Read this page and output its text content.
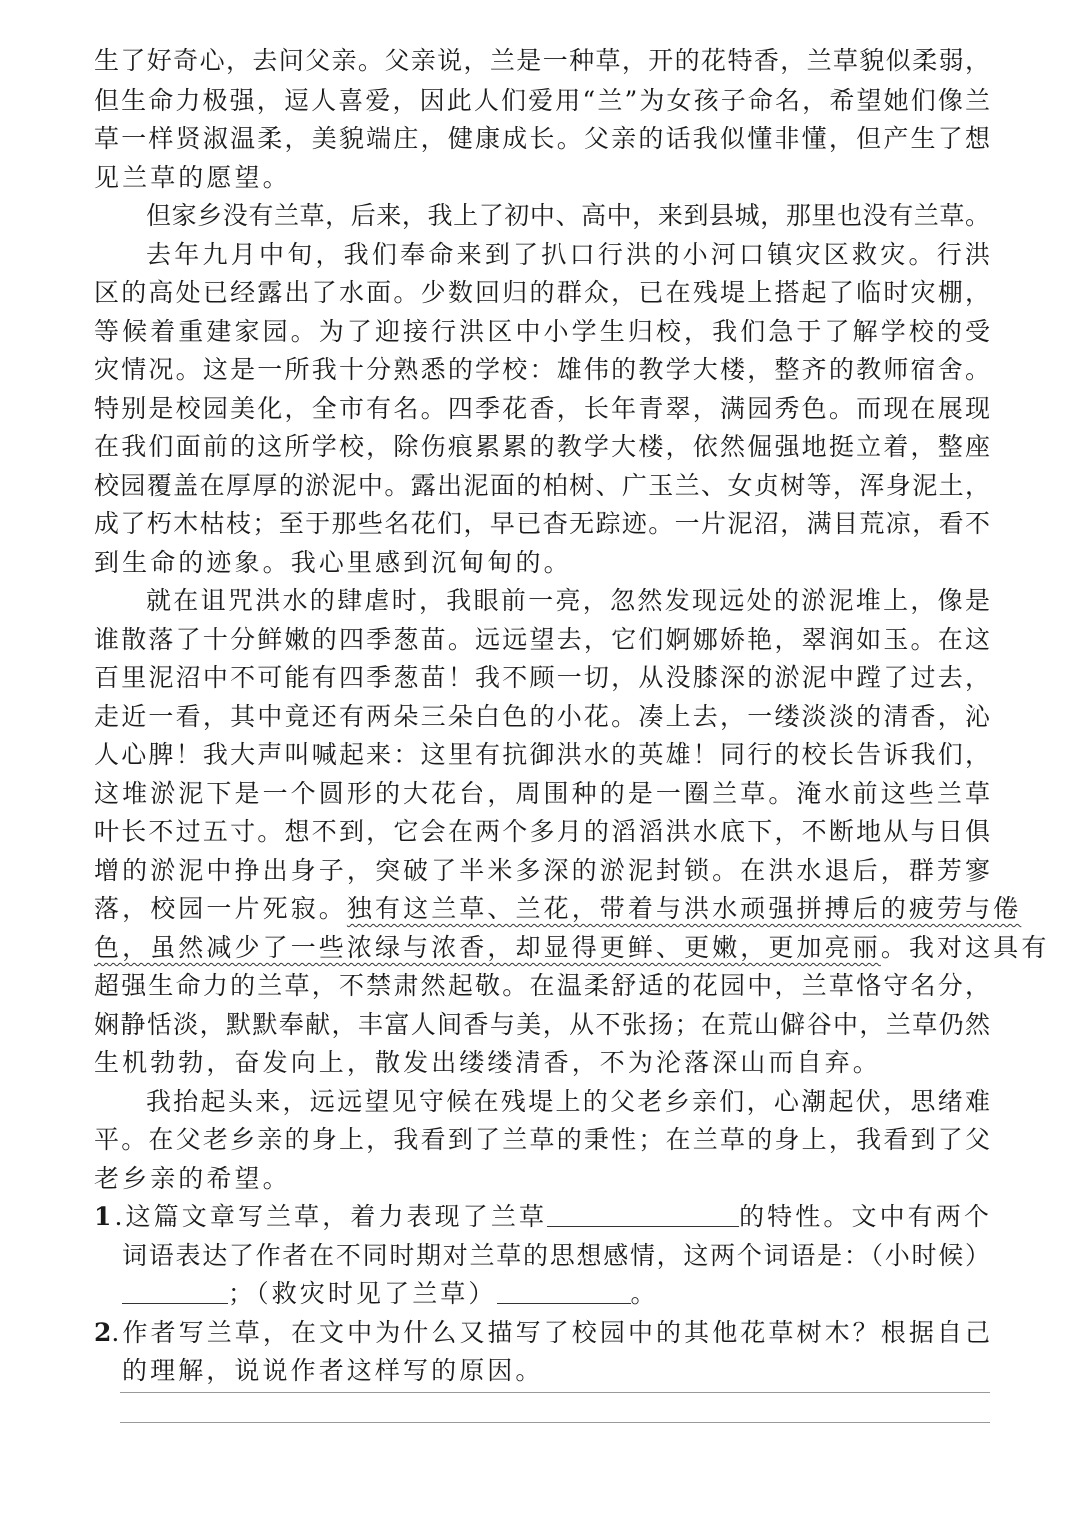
生了好奇心，去问父亲。父亲说，兰是一种草，开的花特香，兰草貌似柔弱，
但生命力极强，逗人喜爱，因此人们爱用“兰”为女孩子命名，希望她们像兰
草一样贤淑温柔，美貌端庄，健康成长。父亲的话我似懂非懂，但产生了想
见兰草的愿望。
但家乡没有兰草，后来，我上了初中、高中，来到县城，那里也没有兰草。
去年九月中旬，我们奉命来到了扒口行洪的小河口镇灾区救灾。行洪
区的高处已经露出了水面。少数回归的群众，已在残堤上搭起了临时灾棚，
等候着重建家园。为了迎接行洪区中小学生归校，我们急于了解学校的受
灾情况。这是一所我十分熟悉的学校：雄伟的教学大楼，整齐的教师宿舍。
特别是校园美化，全市有名。四季花香，长年青翠，满园秀色。而现在展现
在我们面前的这所学校，除伤痕累累的教学大楼，依然倔强地挺立着，整座
校园覆盖在厚厚的淤泥中。露出泥面的柏树、广玉兰、女贞树等，浑身泥土，
成了朽木枯枝；至于那些名花们，早已杳无踪迹。一片泥沼，满目荒凉，看不
到生命的迹象。我心里感到沉甸甸的。
就在诅咒洪水的肆虐时，我眼前一亮，忽然发现远处的淤泥堆上，像是
谁散落了十分鲜嫩的四季葱苗。远远望去，它们婀娜娇艳，翠润如玉。在这
百里泥沼中不可能有四季葱苗！我不顾一切，从没膝深的淤泥中蹚了过去，
走近一看，其中竟还有两朵三朵白色的小花。凑上去，一缕淡淡的清香，沁
人心脾！我大声叫喊起来：这里有抗御洪水的英雄！同行的校长告诉我们，
这堆淤泥下是一个圆形的大花台，周围种的是一圈兰草。淹水前这些兰草
叶长不过五寸。想不到，它会在两个多月的滔滔洪水底下，不断地从与日俱
增的淤泥中挣出身子，突破了半米多深的淤泥封锁。在洪水退后，群芳寥
落，校园一片死寂。独有这兰草、兰花，带着与洪水顽强拼搏后的疲劳与倦
色，虽然减少了一些浓绿与浓香，却显得更鲜、更嫩，更加亮丽。我对这具有
超强生命力的兰草，不禁肃然起敬。在温柔舒适的花园中，兰草恪守名分，
娴静恬淡，默默奉献，丰富人间香与美，从不张扬；在荒山僻谷中，兰草仍然
生机勃勃，奋发向上，散发出缕缕清香，不为沦落深山而自弃。
我抬起头来，远远望见守候在残堤上的父老乡亲们，心潮起伏，思绪难
平。在父老乡亲的身上，我看到了兰草的秉性；在兰草的身上，我看到了父
老乡亲的希望。
1.这篇文章写兰草，着力表现了兰草	的特性。文中有两个
词语表达了作者在不同时期对兰草的思想感情，这两个词语是：（小时候）
；（救灾时见了兰草）	。
2.作者写兰草，在文中为什么又描写了校园中的其他花草树木？根据自己
的理解，说说作者这样写的原因。
